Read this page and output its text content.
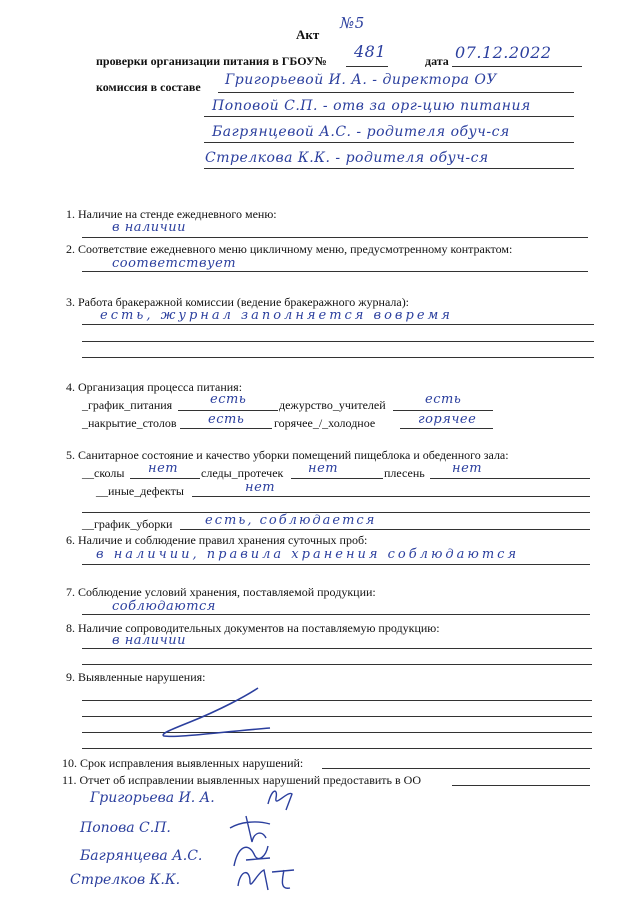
Акт
№5
проверки организации питания в ГБОУ№ 481	дата 07.12.2022
комиссия в составе Григорьевой И. А. - директора ОУ
Поповой С.П. - отв за орг-цию питания
Багрянцевой А.С. - родителя обуч-ся
Стрелкова К.К. - родителя обуч-ся
1. Наличие на стенде ежедневного меню:
в наличии
2. Соответствие ежедневного меню цикличному меню, предусмотренному контрактом:
соответствует
3. Работа бракеражной комиссии (ведение бракеражного журнала):
есть, журнал заполняется вовремя
4. Организация процесса питания:
_график_питания	есть	дежурство_учителей	есть
_накрытие_столов есть горячее_/_холодное	горячее
5. Санитарное состояние и качество уборки помещений пищеблока и обеденного зала:
__сколы нет следы_протечек нет	плесень нет
__иные_дефекты	нет
__график_уборки	есть, соблюдается
6. Наличие и соблюдение правил хранения суточных проб:
в наличии, правила хранения соблюдаются
7. Соблюдение условий хранения, поставляемой продукции:
соблюдаются
8. Наличие сопроводительных документов на поставляемую продукцию:
в наличии
9. Выявленные нарушения:
10. Срок исправления выявленных нарушений:
11. Отчет об исправлении выявленных нарушений предоставить в ОО
Григорьева И. А.
Попова С.П.
Багрянцева А.С.
Стрелков К.К.
